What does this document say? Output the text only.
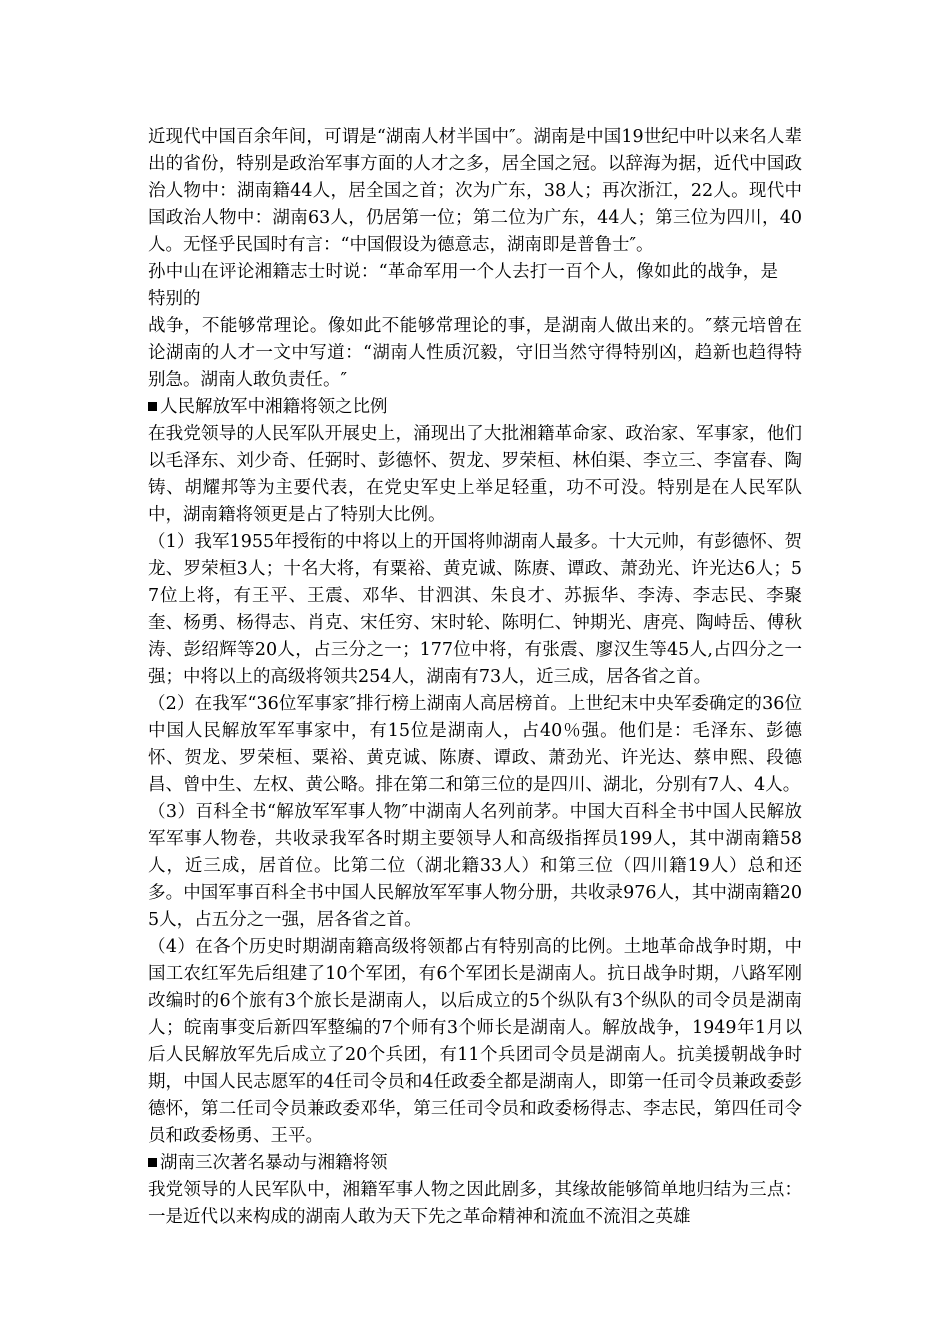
近现代中国百余年间，可谓是“湖南人材半国中″。湖南是中国19世纪中叶以来名人辈出的省份，特别是政治军事方面的人才之多，居全国之冠。以辞海为据，近代中国政治人物中：湖南籍44人，居全国之首；次为广东，38人；再次浙江，22人。现代中国政治人物中：湖南63人，仍居第一位；第二位为广东，44人；第三位为四川，40人。无怪乎民国时有言：“中国假设为德意志，湖南即是普鲁士″。

孙中山在评论湘籍志士时说：“革命军用一个人去打一百个人，像如此的战争，是特别的

战争，不能够常理论。像如此不能够常理论的事，是湖南人做出来的。″蔡元培曾在论湖南的人才一文中写道：“湖南人性质沉毅，守旧当然守得特别凶，趋新也趋得特别急。湖南人敢负责任。″

人民解放军中湘籍将领之比例

在我党领导的人民军队开展史上，涌现出了大批湘籍革命家、政治家、军事家，他们以毛泽东、刘少奇、任弼时、彭德怀、贺龙、罗荣桓、林伯渠、李立三、李富春、陶铸、胡耀邦等为主要代表，在党史军史上举足轻重，功不可没。特别是在人民军队中，湖南籍将领更是占了特别大比例。

（1）我军1955年授衔的中将以上的开国将帅湖南人最多。十大元帅，有彭德怀、贺龙、罗荣桓3人；十名大将，有粟裕、黄克诚、陈赓、谭政、萧劲光、许光达6人；57位上将，有王平、王震、邓华、甘泗淇、朱良才、苏振华、李涛、李志民、李聚奎、杨勇、杨得志、肖克、宋任穷、宋时轮、陈明仁、钟期光、唐亮、陶峙岳、傅秋涛、彭绍辉等20人，占三分之一；177位中将，有张震、廖汉生等45人,占四分之一强；中将以上的高级将领共254人，湖南有73人，近三成，居各省之首。

（2）在我军“36位军事家″排行榜上湖南人高居榜首。上世纪末中央军委确定的36位中国人民解放军军事家中，有15位是湖南人，占40％强。他们是：毛泽东、彭德怀、贺龙、罗荣桓、粟裕、黄克诚、陈赓、谭政、萧劲光、许光达、蔡申熙、段德昌、曾中生、左权、黄公略。排在第二和第三位的是四川、湖北，分别有7人、4人。

（3）百科全书“解放军军事人物″中湖南人名列前茅。中国大百科全书中国人民解放军军事人物卷，共收录我军各时期主要领导人和高级指挥员199人，其中湖南籍58人，近三成，居首位。比第二位（湖北籍33人）和第三位（四川籍19人）总和还多。中国军事百科全书中国人民解放军军事人物分册，共收录976人，其中湖南籍205人，占五分之一强，居各省之首。

（4）在各个历史时期湖南籍高级将领都占有特别高的比例。土地革命战争时期，中国工农红军先后组建了10个军团，有6个军团长是湖南人。抗日战争时期，八路军刚改编时的6个旅有3个旅长是湖南人，以后成立的5个纵队有3个纵队的司令员是湖南人；皖南事变后新四军整编的7个师有3个师长是湖南人。解放战争，1949年1月以后人民解放军先后成立了20个兵团，有11个兵团司令员是湖南人。抗美援朝战争时期，中国人民志愿军的4任司令员和4任政委全都是湖南人，即第一任司令员兼政委彭德怀，第二任司令员兼政委邓华，第三任司令员和政委杨得志、李志民，第四任司令员和政委杨勇、王平。

湖南三次著名暴动与湘籍将领

我党领导的人民军队中，湘籍军事人物之因此剧多，其缘故能够简单地归结为三点：一是近代以来构成的湖南人敢为天下先之革命精神和流血不流泪之英雄
